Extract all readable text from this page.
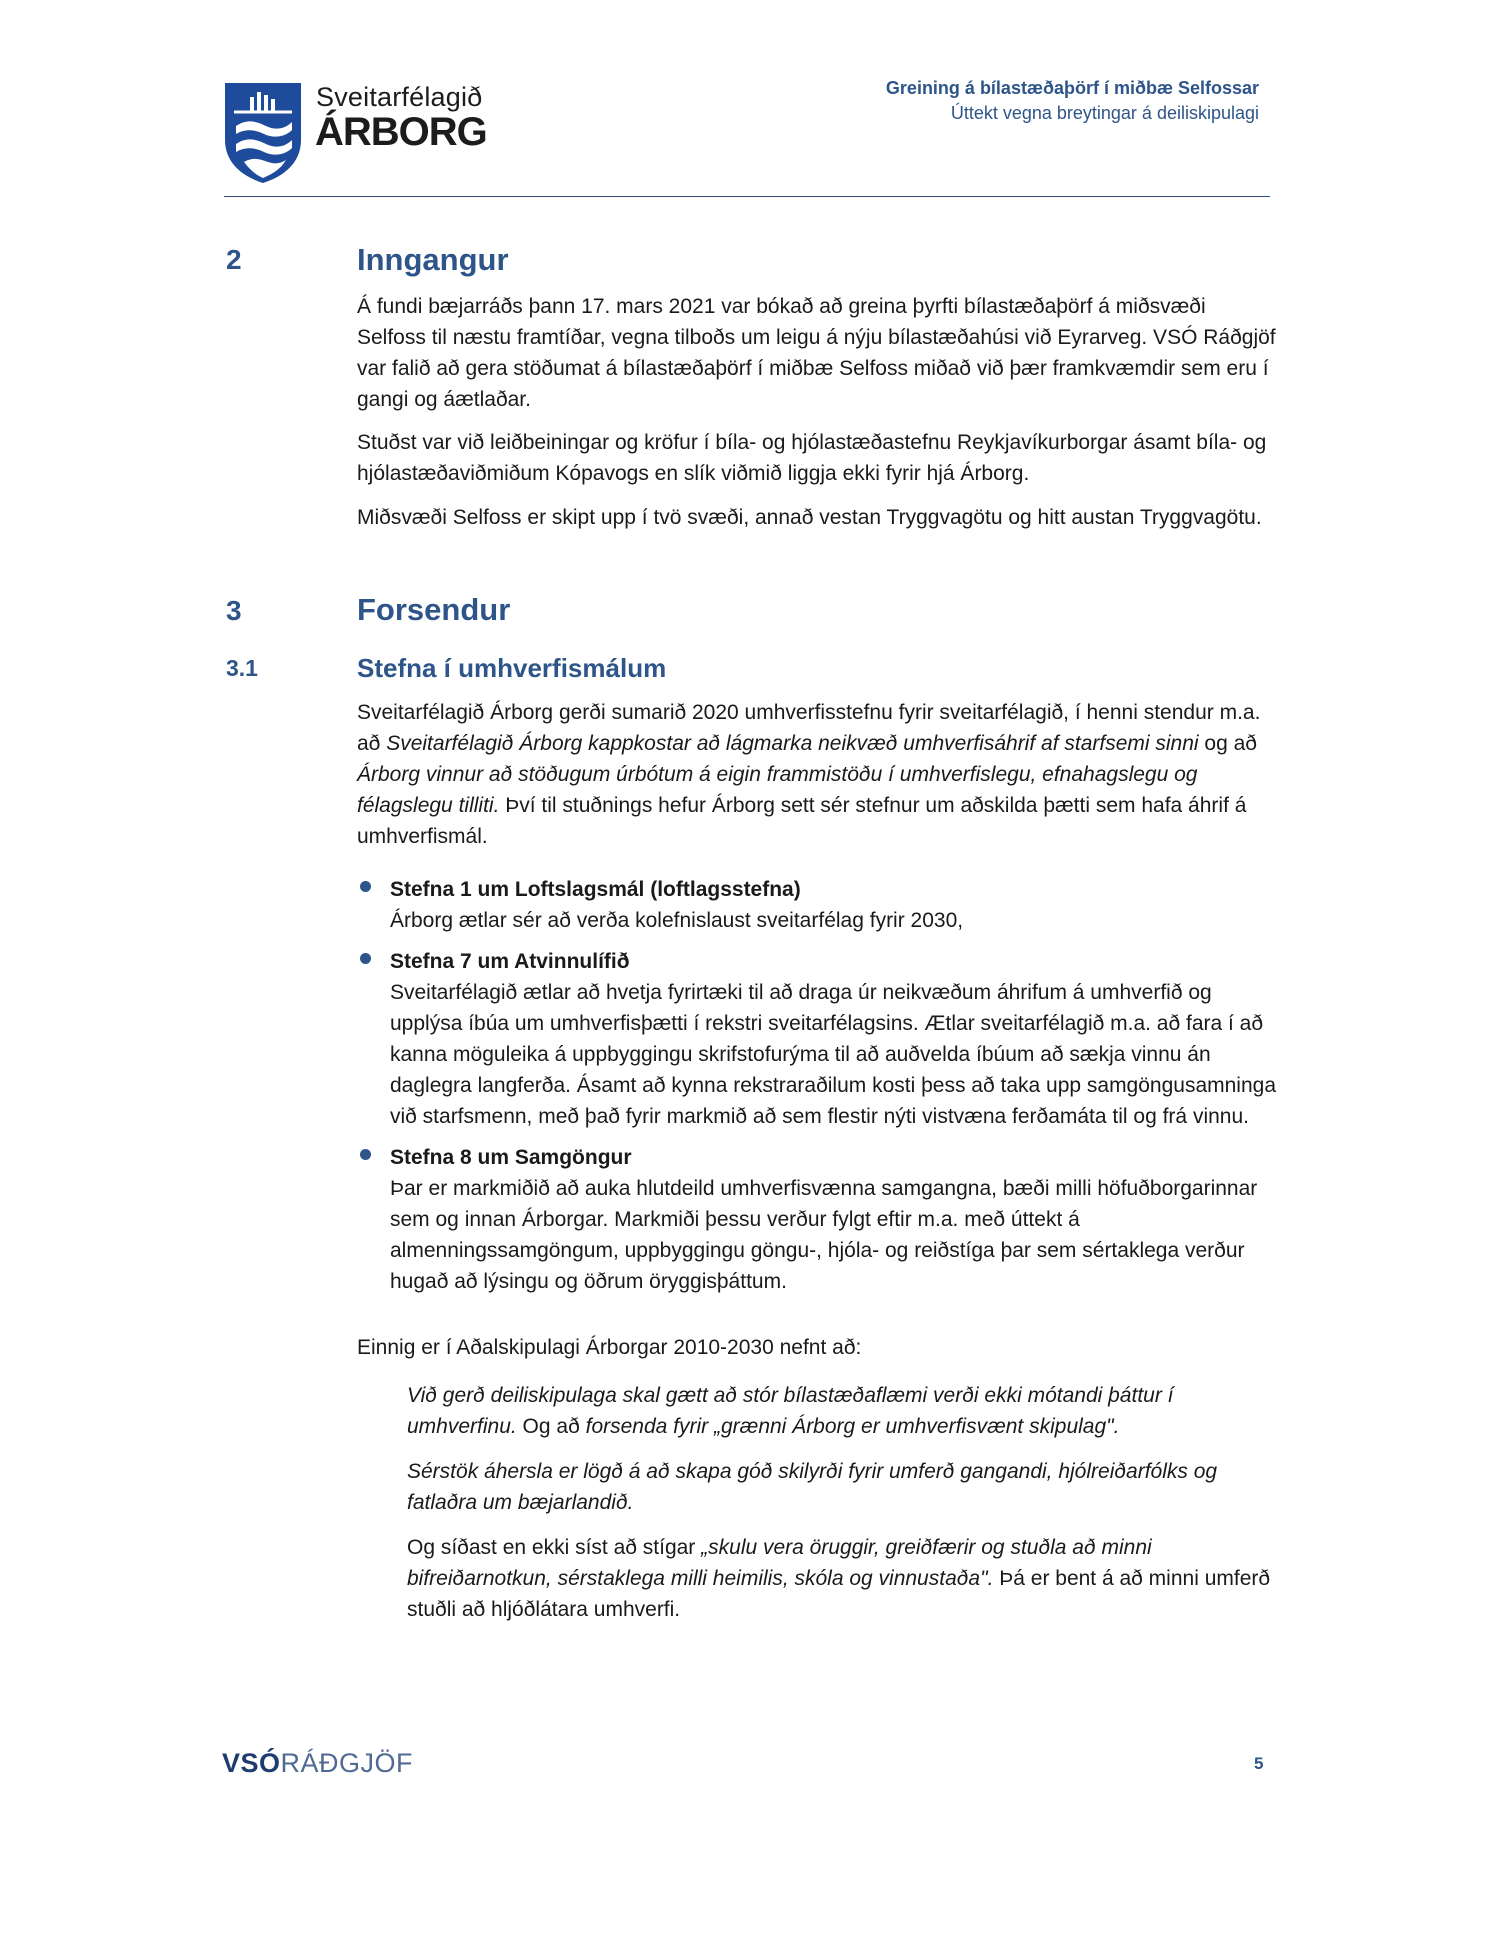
Sveitarfélagið
ÁRBORG
Greining á bílastæðaþörf í miðbæ Selfossar
Úttekt vegna breytingar á deiliskipulagi
2	Inngangur
Á fundi bæjarráðs þann 17. mars 2021 var bókað að greina þyrfti bílastæðaþörf á miðsvæði Selfoss til næstu framtíðar, vegna tilboðs um leigu á nýju bílastæðahúsi við Eyrarveg. VSÓ Ráðgjöf var falið að gera stöðumat á bílastæðaþörf í miðbæ Selfoss miðað við þær framkvæmdir sem eru í gangi og áætlaðar.
Stuðst var við leiðbeiningar og kröfur í bíla- og hjólastæðastefnu Reykjavíkurborgar ásamt bíla- og hjólastæðaviðmiðum Kópavogs en slík viðmið liggja ekki fyrir hjá Árborg.
Miðsvæði Selfoss er skipt upp í tvö svæði, annað vestan Tryggvagötu og hitt austan Tryggvagötu.
3	Forsendur
3.1	Stefna í umhverfismálum
Sveitarfélagið Árborg gerði sumarið 2020 umhverfisstefnu fyrir sveitarfélagið, í henni stendur m.a. að Sveitarfélagið Árborg kappkostar að lágmarka neikvæð umhverfisáhrif af starfsemi sinni og að Árborg vinnur að stöðugum úrbótum á eigin frammistöðu í umhverfislegu, efnahagslegu og félagslegu tilliti. Því til stuðnings hefur Árborg sett sér stefnur um aðskilda þætti sem hafa áhrif á umhverfismál.
Stefna 1 um Loftslagsmál (loftlagsstefna)
Árborg ætlar sér að verða kolefnislaust sveitarfélag fyrir 2030,
Stefna 7 um Atvinnulífið
Sveitarfélagið ætlar að hvetja fyrirtæki til að draga úr neikvæðum áhrifum á umhverfið og upplýsa íbúa um umhverfisþætti í rekstri sveitarfélagsins. Ætlar sveitarfélagið m.a. að fara í að kanna möguleika á uppbyggingu skrifstofurýma til að auðvelda íbúum að sækja vinnu án daglegra langferða. Ásamt að kynna rekstraraðilum kosti þess að taka upp samgöngusamninga við starfsmenn, með það fyrir markmið að sem flestir nýti vistvæna ferðamáta til og frá vinnu.
Stefna 8 um Samgöngur
Þar er markmiðið að auka hlutdeild umhverfisvænna samgangna, bæði milli höfuðborgarinnar sem og innan Árborgar. Markmiði þessu verður fylgt eftir m.a. með úttekt á almenningssamgöngum, uppbyggingu göngu-, hjóla- og reiðstíga þar sem sértaklega verður hugað að lýsingu og öðrum öryggisþáttum.
Einnig er í Aðalskipulagi Árborgar 2010-2030 nefnt að:
Við gerð deiliskipulaga skal gætt að stór bílastæðaflæmi verði ekki mótandi þáttur í umhverfinu. Og að forsenda fyrir „grænni Árborg er umhverfisvænt skipulag".
Sérstök áhersla er lögð á að skapa góð skilyrði fyrir umferð gangandi, hjólreiðarfólks og fatlaðra um bæjarlandið.
Og síðast en ekki síst að stígar „skulu vera öruggir, greiðfærir og stuðla að minni bifreiðarnotkun, sérstaklega milli heimilis, skóla og vinnustaða". Þá er bent á að minni umferð stuðli að hljóðlátara umhverfi.
VSÓRÁÐGJÖF	5
